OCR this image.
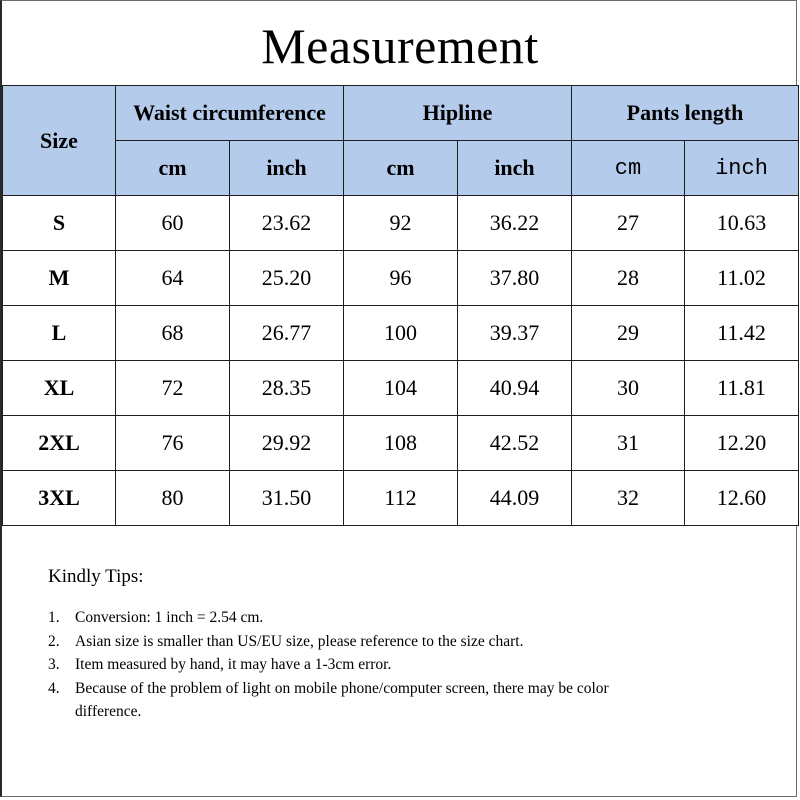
Measurement
Size	Waist circumference		Hipline		Pants length	
	cm	inch	cm	inch	cm	inch
S	60	23.62	92	36.22	27	10.63
M	64	25.20	96	37.80	28	11.02
L	68	26.77	100	39.37	29	11.42
XL	72	28.35	104	40.94	30	11.81
2XL	76	29.92	108	42.52	31	12.20
3XL	80	31.50	112	44.09	32	12.60
Kindly Tips:
1. Conversion: 1 inch = 2.54 cm.
2. Asian size is smaller than US/EU size, please reference to the size chart.
3. Item measured by hand, it may have a 1-3cm error.
4. Because of the problem of light on mobile phone/computer screen, there may be color difference.
